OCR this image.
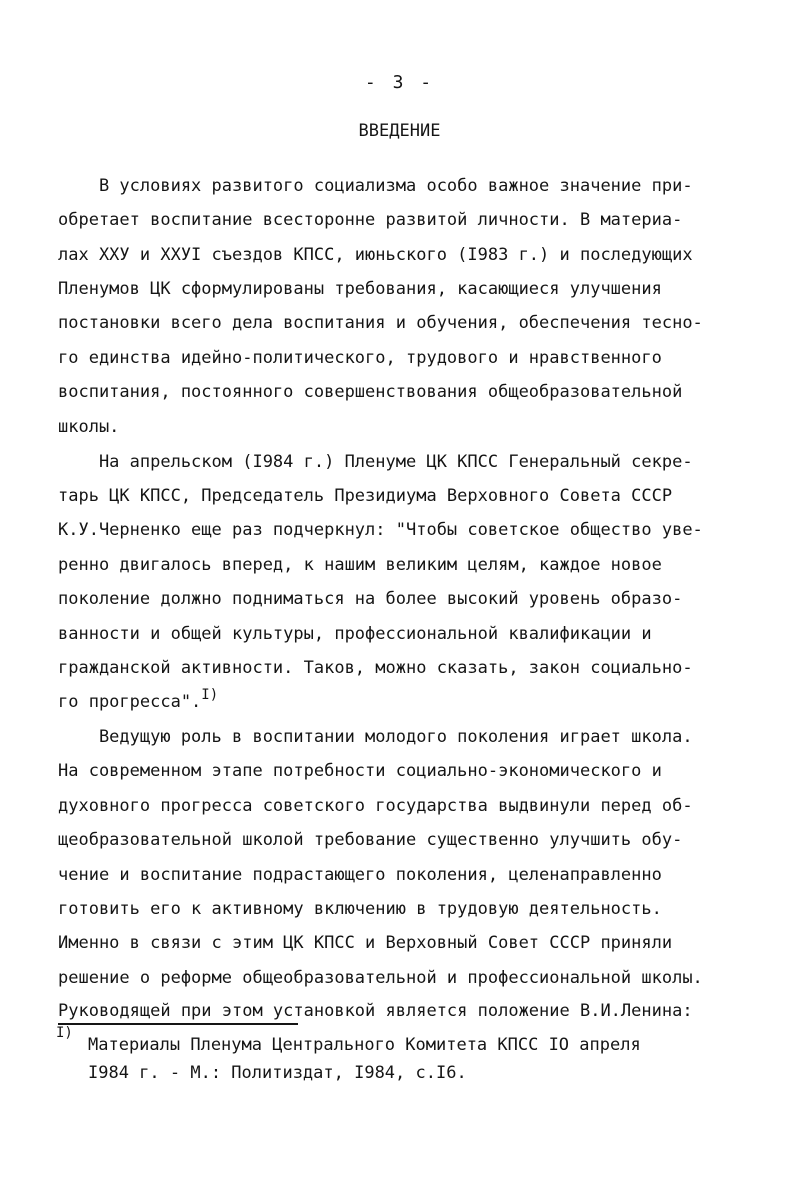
- 3 -
ВВЕДЕНИЕ
В условиях развитого социализма особо важное значение при-
обретает воспитание всесторонне развитой личности. В материа-
лах ХХУ и ХХУI съездов КПСС, июньского (I983 г.) и последующих
Пленумов ЦК сформулированы требования, касающиеся улучшения
постановки всего дела воспитания и обучения, обеспечения тесно-
го единства идейно-политического, трудового и нравственного
воспитания, постоянного совершенствования общеобразовательной
школы.
На апрельском (I984 г.) Пленуме ЦК КПСС Генеральный секре-
тарь ЦК КПСС, Председатель Президиума Верховного Совета СССР
К.У.Черненко еще раз подчеркнул: "Чтобы советское общество уве-
ренно двигалось вперед, к нашим великим целям, каждое новое
поколение должно подниматься на более высокий уровень образо-
ванности и общей культуры, профессиональной квалификации и
гражданской активности. Таков, можно сказать, закон социально-
го прогресса".$^{I)}$
Ведущую роль в воспитании молодого поколения играет школа.
На современном этапе потребности социально-экономического и
духовного прогресса советского государства выдвинули перед об-
щеобразовательной школой требование существенно улучшить обу-
чение и воспитание подрастающего поколения, целенаправленно
готовить его к активному включению в трудовую деятельность.
Именно в связи с этим ЦК КПСС и Верховный Совет СССР приняли
решение о реформе общеобразовательной и профессиональной школы.
Руководящей при этом установкой является положение В.И.Ленина:
I)
Материалы Пленума Центрального Комитета КПСС IO апреля
I984 г. - М.: Политиздат, I984, с.I6.
